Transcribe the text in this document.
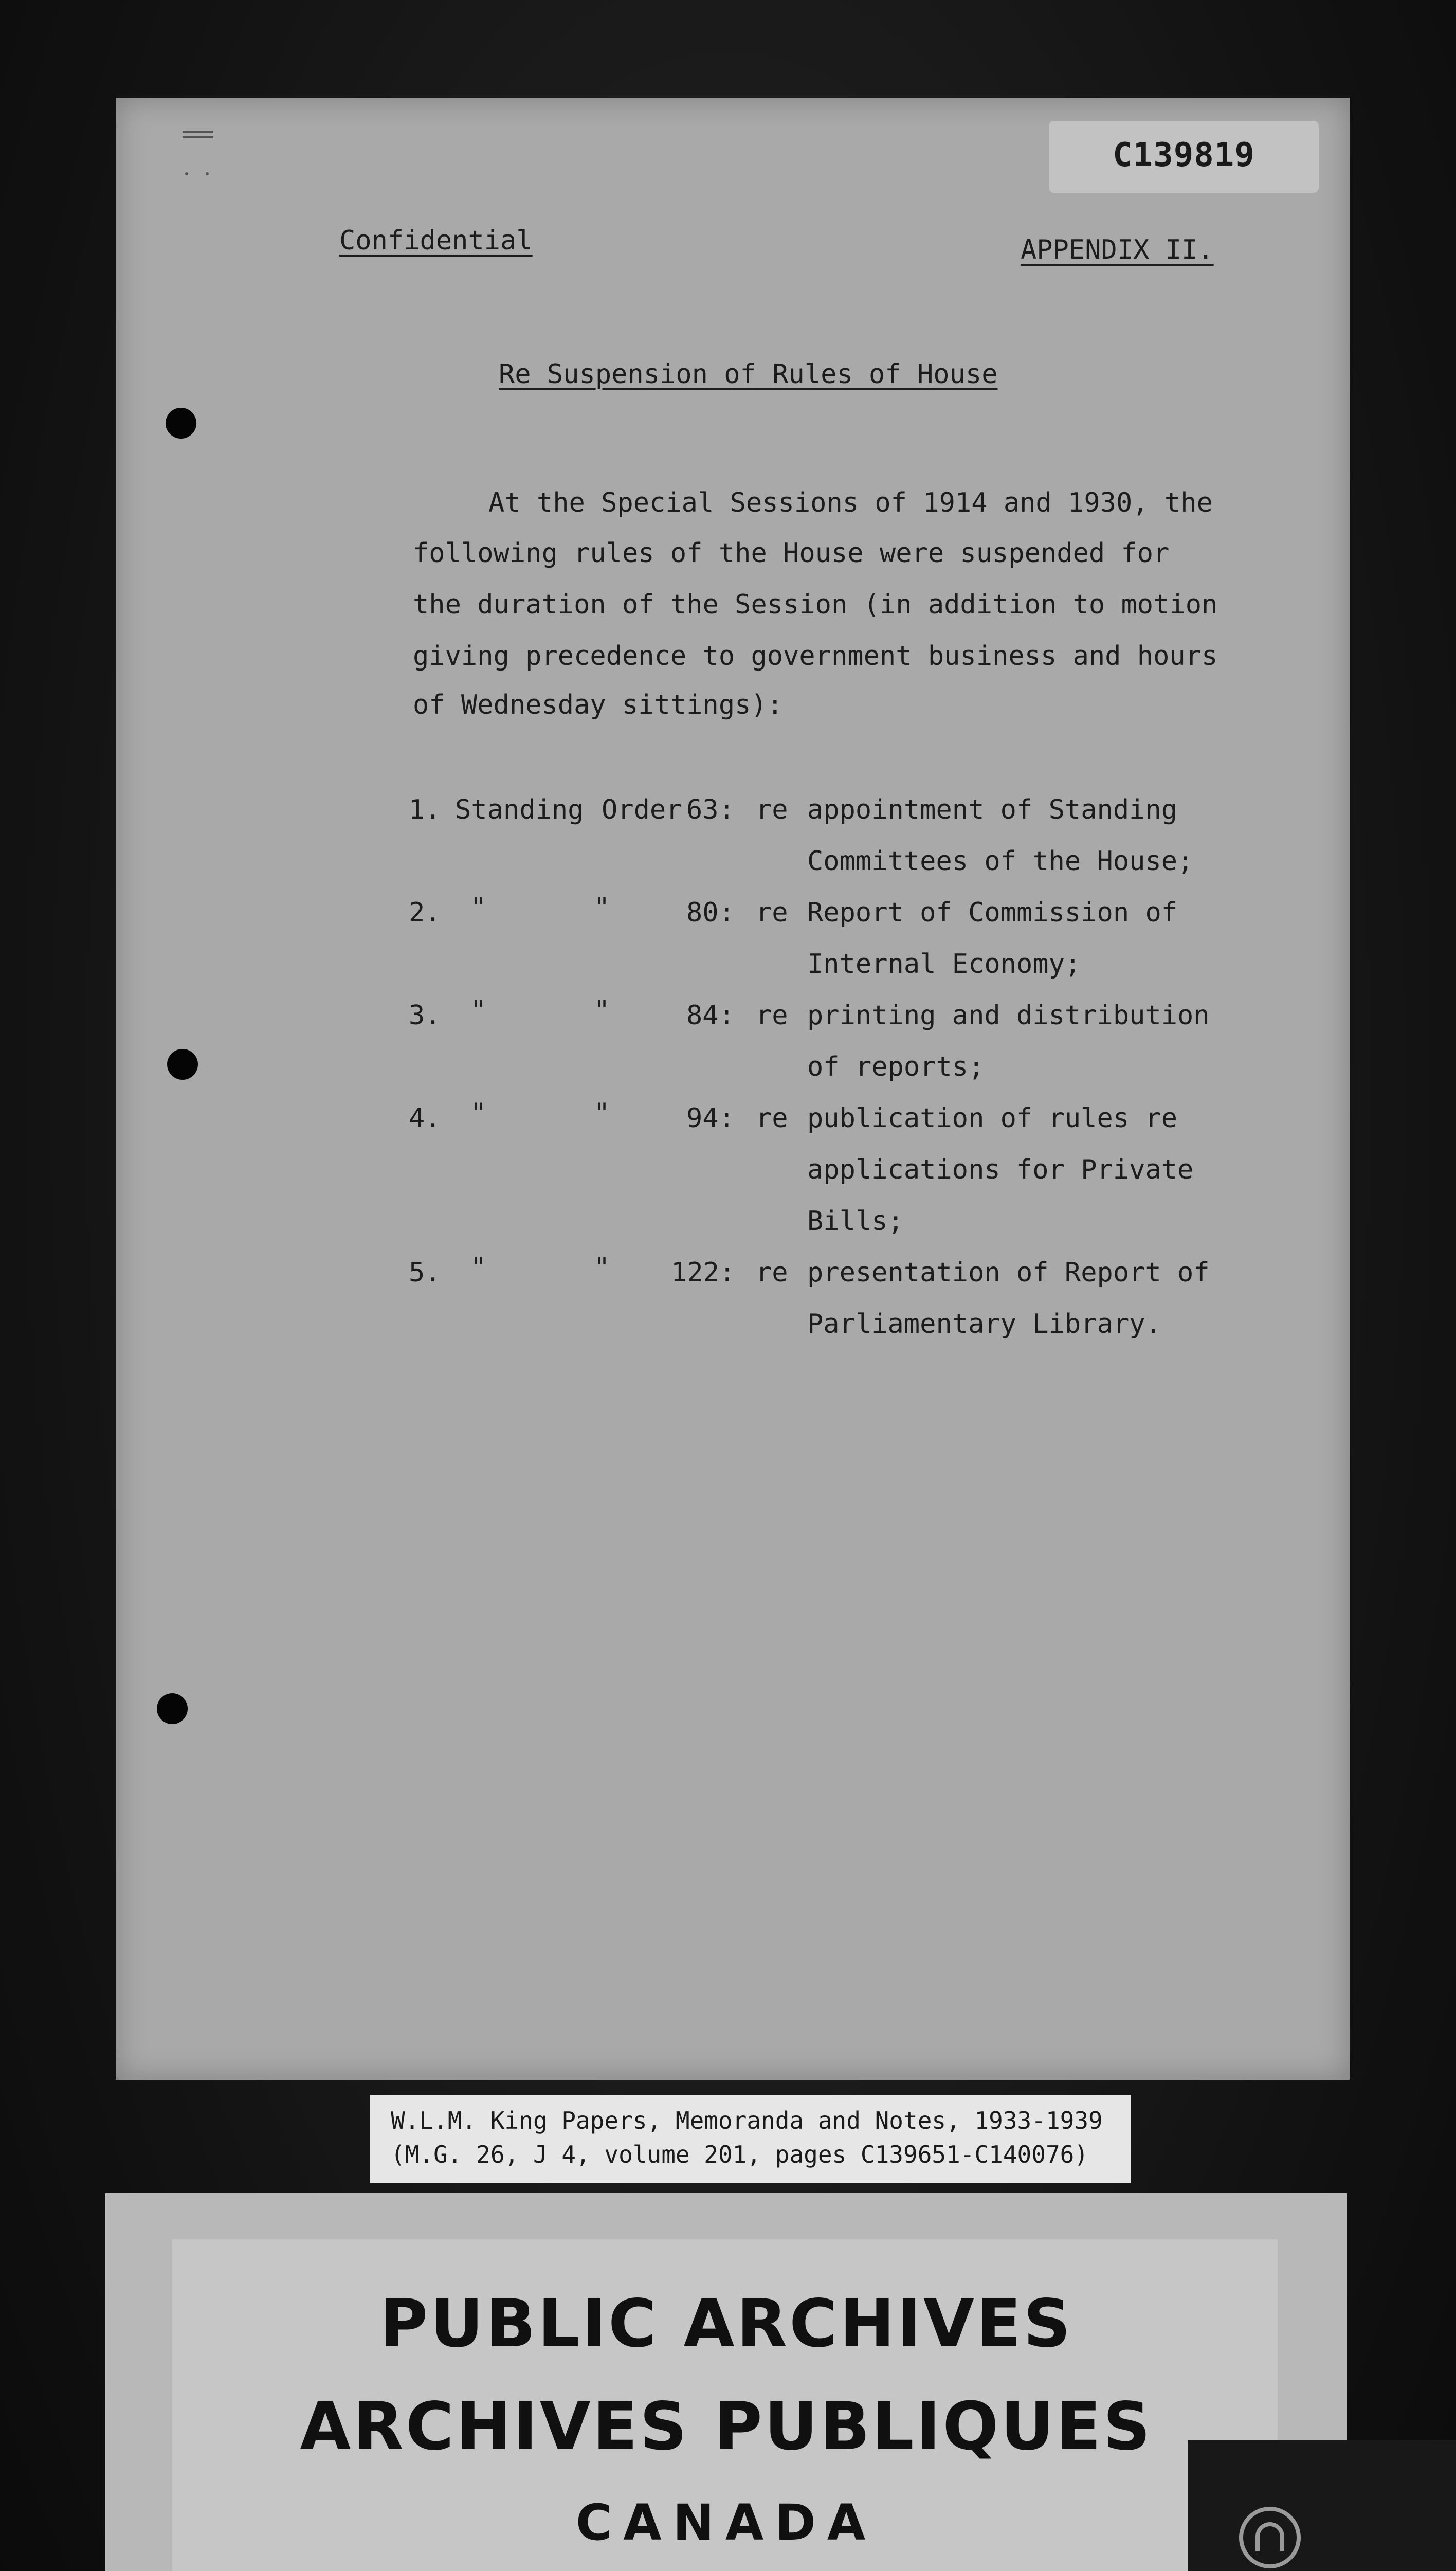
C139819
Confidential	APPENDIX II.
Re Suspension of Rules of House
At the Special Sessions of 1914 and 1930, the
following rules of the House were suspended for
the duration of the Session (in addition to motion
giving precedence to government business and hours
of Wednesday sittings):
1. Standing Order 63: re appointment of Standing
Committees of the House;
2. "	"	80: re Report of Commission of
Internal Economy;
3. "	"	84: re printing and distribution
of reports;
4. "	"	94: re publication of rules re
applications for Private
Bills;
5. "	" 122: re presentation of Report of
Parliamentary Library.
W.L.M. King Papers, Memoranda and Notes, 1933-1939
(M.G. 26, J 4, volume 201, pages C139651-C140076)
PUBLIC ARCHIVES
ARCHIVES PUBLIQUES
CANADA
